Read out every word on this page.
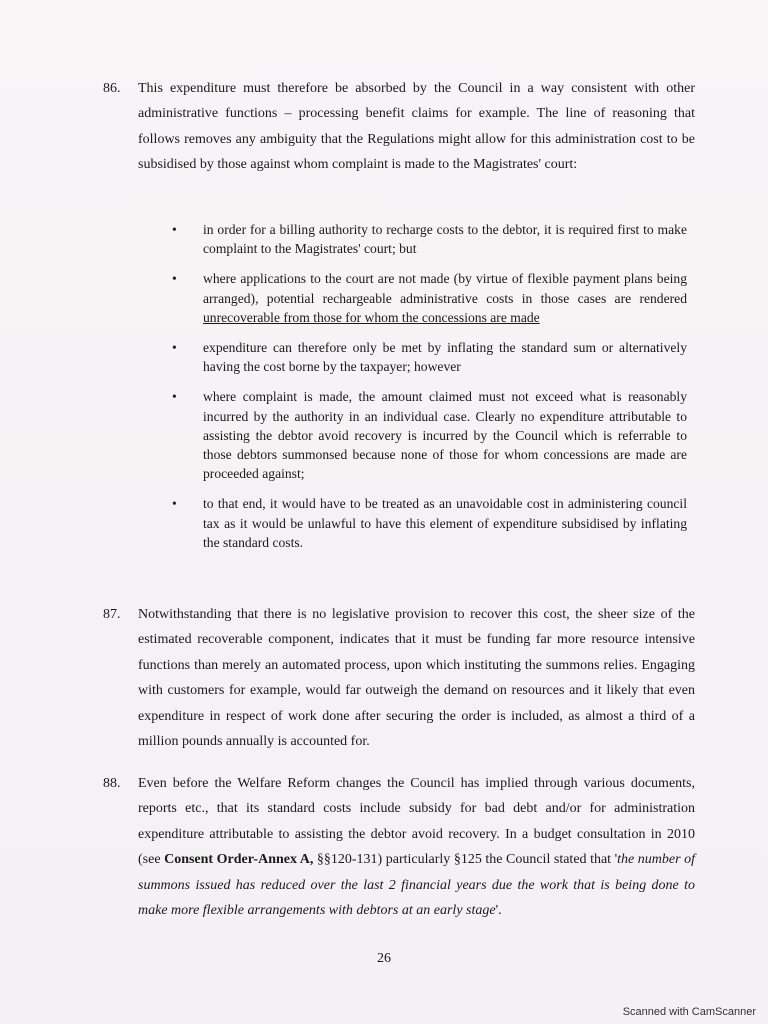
86. This expenditure must therefore be absorbed by the Council in a way consistent with other administrative functions – processing benefit claims for example. The line of reasoning that follows removes any ambiguity that the Regulations might allow for this administration cost to be subsidised by those against whom complaint is made to the Magistrates' court:
• in order for a billing authority to recharge costs to the debtor, it is required first to make complaint to the Magistrates' court; but
• where applications to the court are not made (by virtue of flexible payment plans being arranged), potential rechargeable administrative costs in those cases are rendered unrecoverable from those for whom the concessions are made
• expenditure can therefore only be met by inflating the standard sum or alternatively having the cost borne by the taxpayer; however
• where complaint is made, the amount claimed must not exceed what is reasonably incurred by the authority in an individual case. Clearly no expenditure attributable to assisting the debtor avoid recovery is incurred by the Council which is referrable to those debtors summonsed because none of those for whom concessions are made are proceeded against;
• to that end, it would have to be treated as an unavoidable cost in administering council tax as it would be unlawful to have this element of expenditure subsidised by inflating the standard costs.
87. Notwithstanding that there is no legislative provision to recover this cost, the sheer size of the estimated recoverable component, indicates that it must be funding far more resource intensive functions than merely an automated process, upon which instituting the summons relies. Engaging with customers for example, would far outweigh the demand on resources and it likely that even expenditure in respect of work done after securing the order is included, as almost a third of a million pounds annually is accounted for.
88. Even before the Welfare Reform changes the Council has implied through various documents, reports etc., that its standard costs include subsidy for bad debt and/or for administration expenditure attributable to assisting the debtor avoid recovery. In a budget consultation in 2010 (see Consent Order-Annex A, §§120-131) particularly §125 the Council stated that 'the number of summons issued has reduced over the last 2 financial years due the work that is being done to make more flexible arrangements with debtors at an early stage'.
26
Scanned with CamScanner
